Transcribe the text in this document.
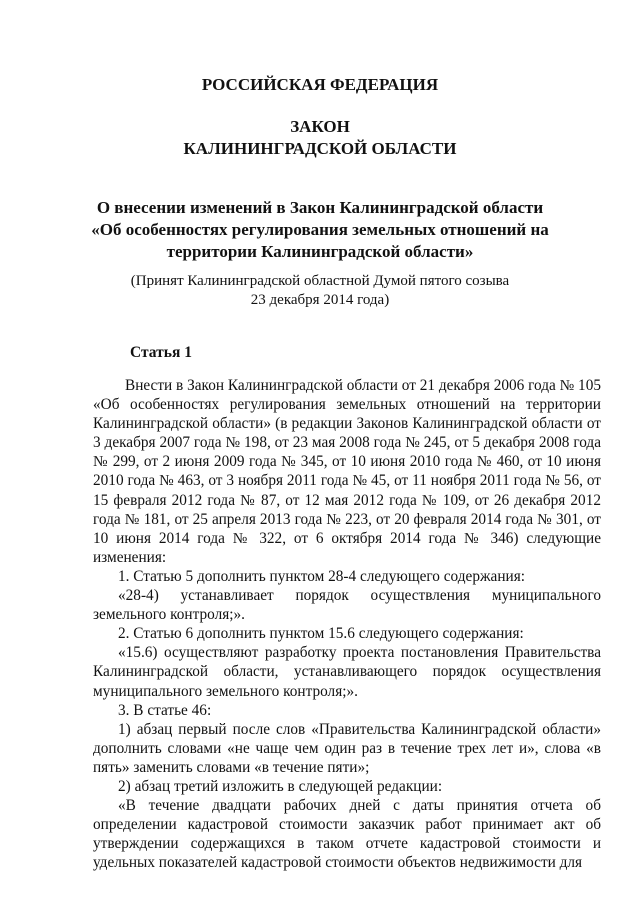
РОССИЙСКАЯ ФЕДЕРАЦИЯ
ЗАКОН
КАЛИНИНГРАДСКОЙ ОБЛАСТИ
О внесении изменений в Закон Калининградской области
«Об особенностях регулирования земельных отношений на
территории Калининградской области»
(Принят Калининградской областной Думой пятого созыва
23 декабря 2014 года)
Статья 1

Внести в Закон Калининградской области от 21 декабря 2006 года № 105 «Об особенностях регулирования земельных отношений на территории Калининградской области» (в редакции Законов Калининградской области от 3 декабря 2007 года № 198, от 23 мая 2008 года № 245, от 5 декабря 2008 года № 299, от 2 июня 2009 года № 345, от 10 июня 2010 года № 460, от 10 июня 2010 года № 463, от 3 ноября 2011 года № 45, от 11 ноября 2011 года № 56, от 15 февраля 2012 года № 87, от 12 мая 2012 года № 109, от 26 декабря 2012 года № 181, от 25 апреля 2013 года № 223, от 20 февраля 2014 года № 301, от 10 июня 2014 года № 322, от 6 октября 2014 года № 346) следующие изменения:

1. Статью 5 дополнить пунктом 28-4 следующего содержания:

«28-4) устанавливает порядок осуществления муниципального земельного контроля;».

2. Статью 6 дополнить пунктом 15.6 следующего содержания:

«15.6) осуществляют разработку проекта постановления Правительства Калининградской области, устанавливающего порядок осуществления муниципального земельного контроля;».

3. В статье 46:

1) абзац первый после слов «Правительства Калининградской области» дополнить словами «не чаще чем один раз в течение трех лет и», слова «в пять» заменить словами «в течение пяти»;

2) абзац третий изложить в следующей редакции:

«В течение двадцати рабочих дней с даты принятия отчета об определении кадастровой стоимости заказчик работ принимает акт об утверждении содержащихся в таком отчете кадастровой стоимости и удельных показателей кадастровой стоимости объектов недвижимости для
